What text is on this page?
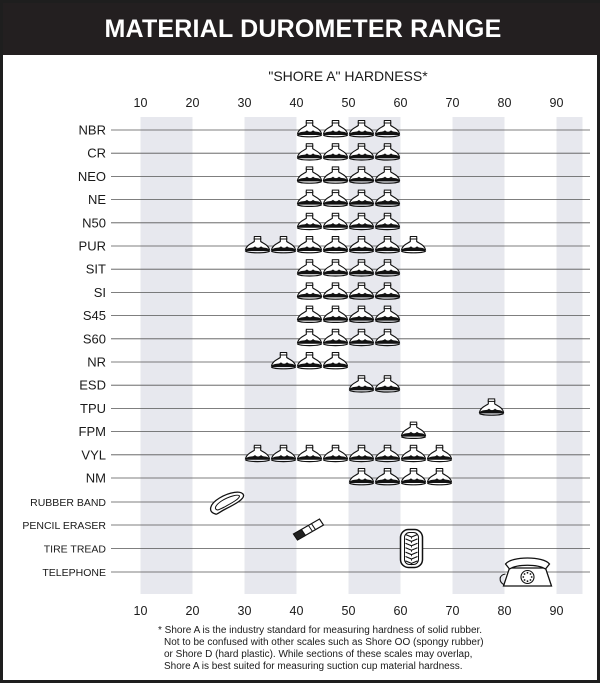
"SHORE A" HARDNESS*
10
10
20
20
30
30
40
40
50
50
60
60
70
70
80
80
90
90
NBR
CR
NEO
NE
N50
PUR
SIT
SI
S45
S60
NR
ESD
TPU
FPM
VYL
NM
RUBBER BAND
PENCIL ERASER
TIRE TREAD
TELEPHONE
MATERIAL DUROMETER RANGE
* Shore A is the industry standard for measuring hardness of solid rubber.
Not to be confused with other scales such as Shore OO (spongy rubber)
or Shore D (hard plastic). While sections of these scales may overlap,
Shore A is best suited for measuring suction cup material hardness.
